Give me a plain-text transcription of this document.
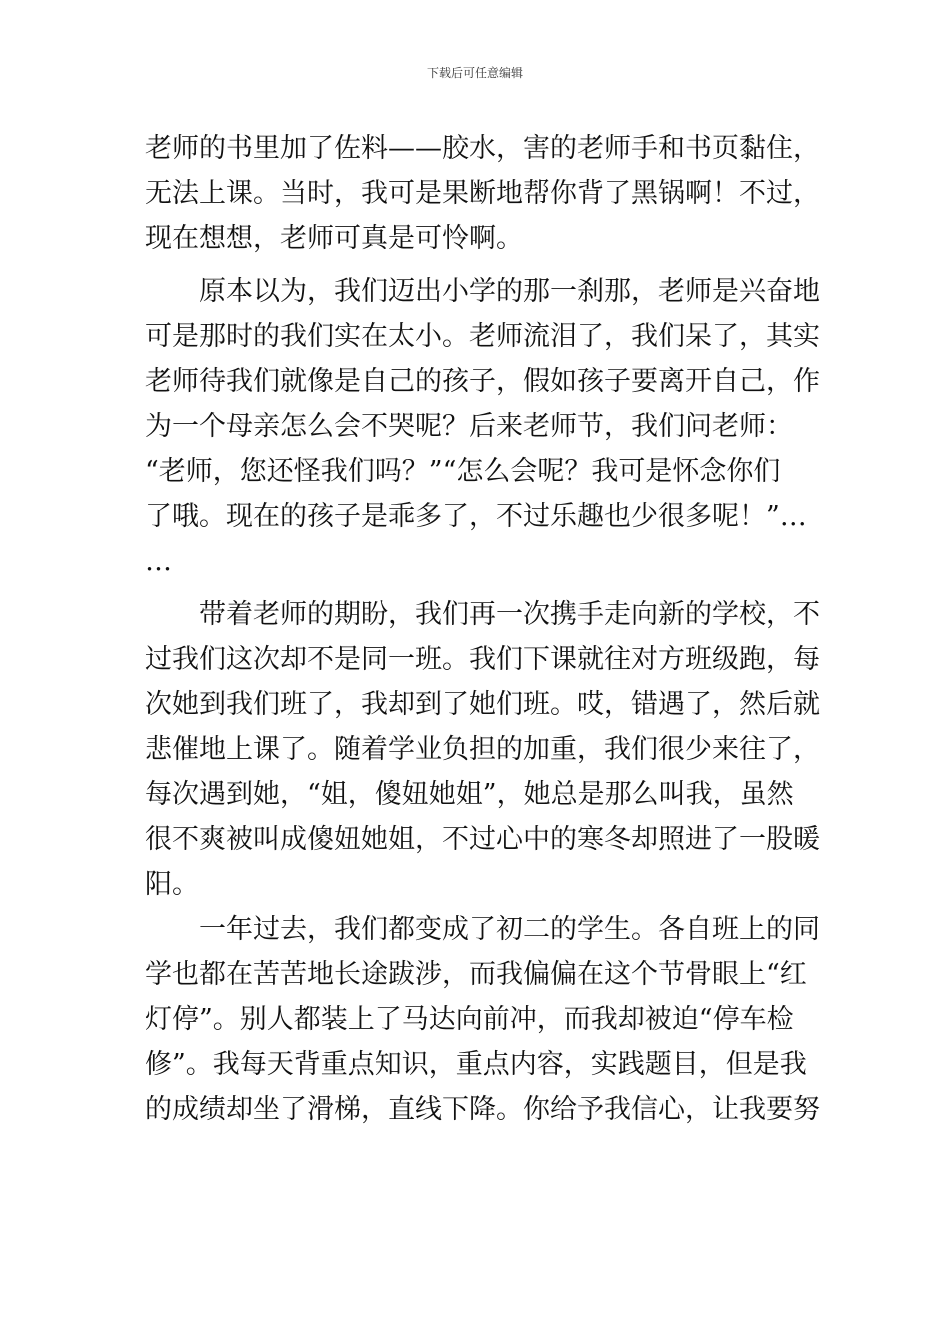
下载后可任意编辑
老师的书里加了佐料——胶水，害的老师手和书页黏住，
无法上课。当时，我可是果断地帮你背了黑锅啊！不过，
现在想想，老师可真是可怜啊。
　　原本以为，我们迈出小学的那一刹那，老师是兴奋地
可是那时的我们实在太小。老师流泪了，我们呆了，其实
老师待我们就像是自己的孩子，假如孩子要离开自己，作
为一个母亲怎么会不哭呢？后来老师节，我们问老师：
“老师，您还怪我们吗？”“怎么会呢？我可是怀念你们
了哦。现在的孩子是乖多了，不过乐趣也少很多呢！”…
…
　　带着老师的期盼，我们再一次携手走向新的学校，不
过我们这次却不是同一班。我们下课就往对方班级跑，每
次她到我们班了，我却到了她们班。哎，错遇了，然后就
悲催地上课了。随着学业负担的加重，我们很少来往了，
每次遇到她，“姐，傻妞她姐”，她总是那么叫我，虽然
很不爽被叫成傻妞她姐，不过心中的寒冬却照进了一股暖
阳。
　　一年过去，我们都变成了初二的学生。各自班上的同
学也都在苦苦地长途跋涉，而我偏偏在这个节骨眼上“红
灯停”。别人都装上了马达向前冲，而我却被迫“停车检
修”。我每天背重点知识，重点内容，实践题目，但是我
的成绩却坐了滑梯，直线下降。你给予我信心，让我要努
